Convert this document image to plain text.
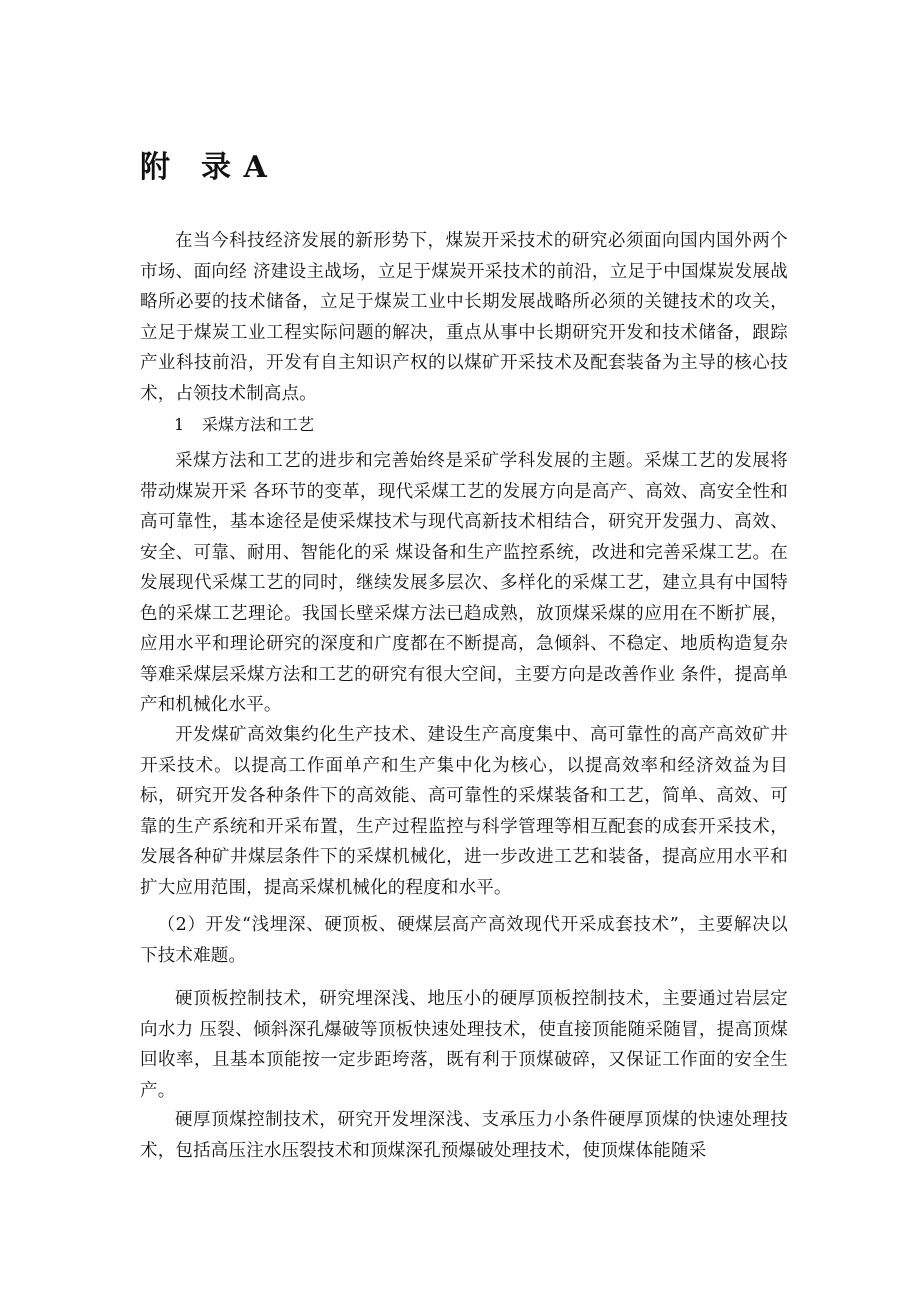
附 录 A

在当今科技经济发展的新形势下，煤炭开采技术的研究必须面向国内国外两个市场、面向经 济建设主战场，立足于煤炭开采技术的前沿，立足于中国煤炭发展战略所必要的技术储备，立足于煤炭工业中长期发展战略所必须的关键技术的攻关，立足于煤炭工业工程实际问题的解决，重点从事中长期研究开发和技术储备，跟踪产业科技前沿，开发有自主知识产权的以煤矿开采技术及配套装备为主导的核心技术，占领技术制高点。

1 采煤方法和工艺

采煤方法和工艺的进步和完善始终是采矿学科发展的主题。采煤工艺的发展将带动煤炭开采 各环节的变革，现代采煤工艺的发展方向是高产、高效、高安全性和高可靠性，基本途径是使采煤技术与现代高新技术相结合，研究开发强力、高效、安全、可靠、耐用、智能化的采 煤设备和生产监控系统，改进和完善采煤工艺。在发展现代采煤工艺的同时，继续发展多层次、多样化的采煤工艺，建立具有中国特色的采煤工艺理论。我国长壁采煤方法已趋成熟，放顶煤采煤的应用在不断扩展，应用水平和理论研究的深度和广度都在不断提高，急倾斜、不稳定、地质构造复杂等难采煤层采煤方法和工艺的研究有很大空间，主要方向是改善作业 条件，提高单产和机械化水平。

开发煤矿高效集约化生产技术、建设生产高度集中、高可靠性的高产高效矿井开采技术。以提高工作面单产和生产集中化为核心，以提高效率和经济效益为目标，研究开发各种条件下的高效能、高可靠性的采煤装备和工艺，简单、高效、可靠的生产系统和开采布置，生产过程监控与科学管理等相互配套的成套开采技术，发展各种矿井煤层条件下的采煤机械化，进一步改进工艺和装备，提高应用水平和扩大应用范围，提高采煤机械化的程度和水平。

（2）开发“浅埋深、硬顶板、硬煤层高产高效现代开采成套技术”，主要解决以下技术难题。

硬顶板控制技术，研究埋深浅、地压小的硬厚顶板控制技术，主要通过岩层定向水力 压裂、倾斜深孔爆破等顶板快速处理技术，使直接顶能随采随冒，提高顶煤回收率，且基本顶能按一定步距垮落，既有利于顶煤破碎，又保证工作面的安全生产。

硬厚顶煤控制技术，研究开发埋深浅、支承压力小条件硬厚顶煤的快速处理技术，包括高压注水压裂技术和顶煤深孔预爆破处理技术，使顶煤体能随采
